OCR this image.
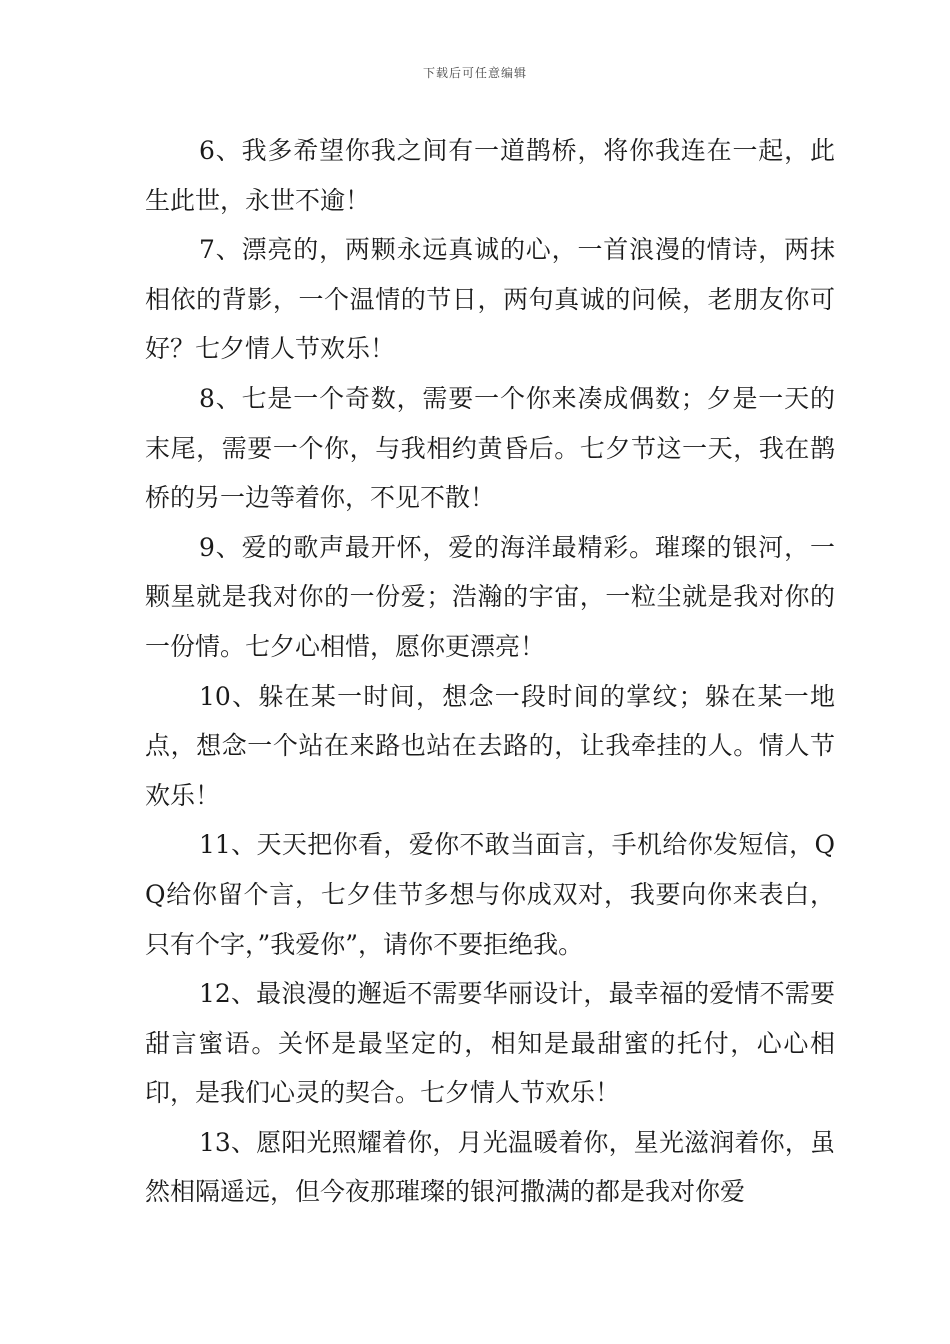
下载后可任意编辑

6、我多希望你我之间有一道鹊桥，将你我连在一起，此生此世，永世不逾！

7、漂亮的，两颗永远真诚的心，一首浪漫的情诗，两抹相依的背影，一个温情的节日，两句真诚的问候，老朋友你可好？七夕情人节欢乐！

8、七是一个奇数，需要一个你来凑成偶数；夕是一天的末尾，需要一个你，与我相约黄昏后。七夕节这一天，我在鹊桥的另一边等着你，不见不散！

9、爱的歌声最开怀，爱的海洋最精彩。璀璨的银河，一颗星就是我对你的一份爱；浩瀚的宇宙，一粒尘就是我对你的一份情。七夕心相惜，愿你更漂亮！

10、躲在某一时间，想念一段时间的掌纹；躲在某一地点，想念一个站在来路也站在去路的，让我牵挂的人。情人节欢乐！

11、天天把你看，爱你不敢当面言，手机给你发短信，QQ给你留个言，七夕佳节多想与你成双对，我要向你来表白，只有个字，”我爱你”，请你不要拒绝我。

12、最浪漫的邂逅不需要华丽设计，最幸福的爱情不需要甜言蜜语。关怀是最坚定的，相知是最甜蜜的托付，心心相印，是我们心灵的契合。七夕情人节欢乐！

13、愿阳光照耀着你，月光温暖着你，星光滋润着你，虽然相隔遥远，但今夜那璀璨的银河撒满的都是我对你爱
